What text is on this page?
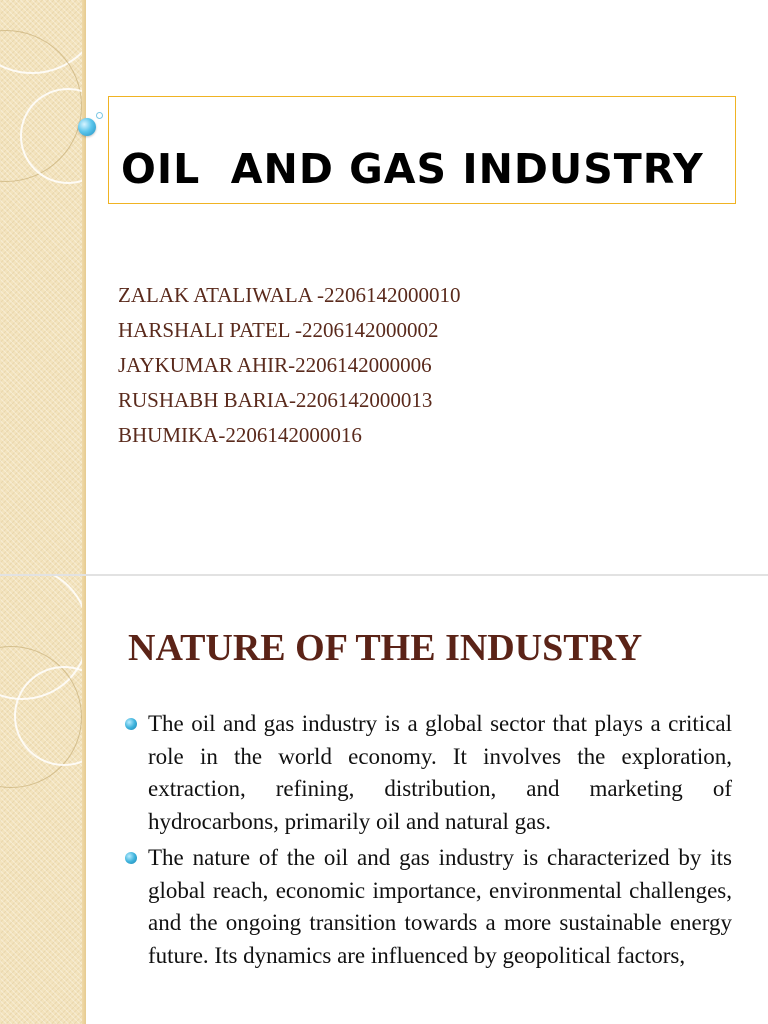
OIL  AND GAS INDUSTRY
ZALAK ATALIWALA -2206142000010
HARSHALI PATEL -2206142000002
JAYKUMAR AHIR-2206142000006
RUSHABH BARIA-2206142000013
BHUMIKA-2206142000016
NATURE OF THE INDUSTRY
The oil and gas industry is a global sector that plays a critical role in the world economy. It involves the exploration, extraction, refining, distribution, and marketing of hydrocarbons, primarily oil and natural gas.
The nature of the oil and gas industry is characterized by its global reach, economic importance, environmental challenges, and the ongoing transition towards a more sustainable energy future. Its dynamics are influenced by geopolitical factors,
